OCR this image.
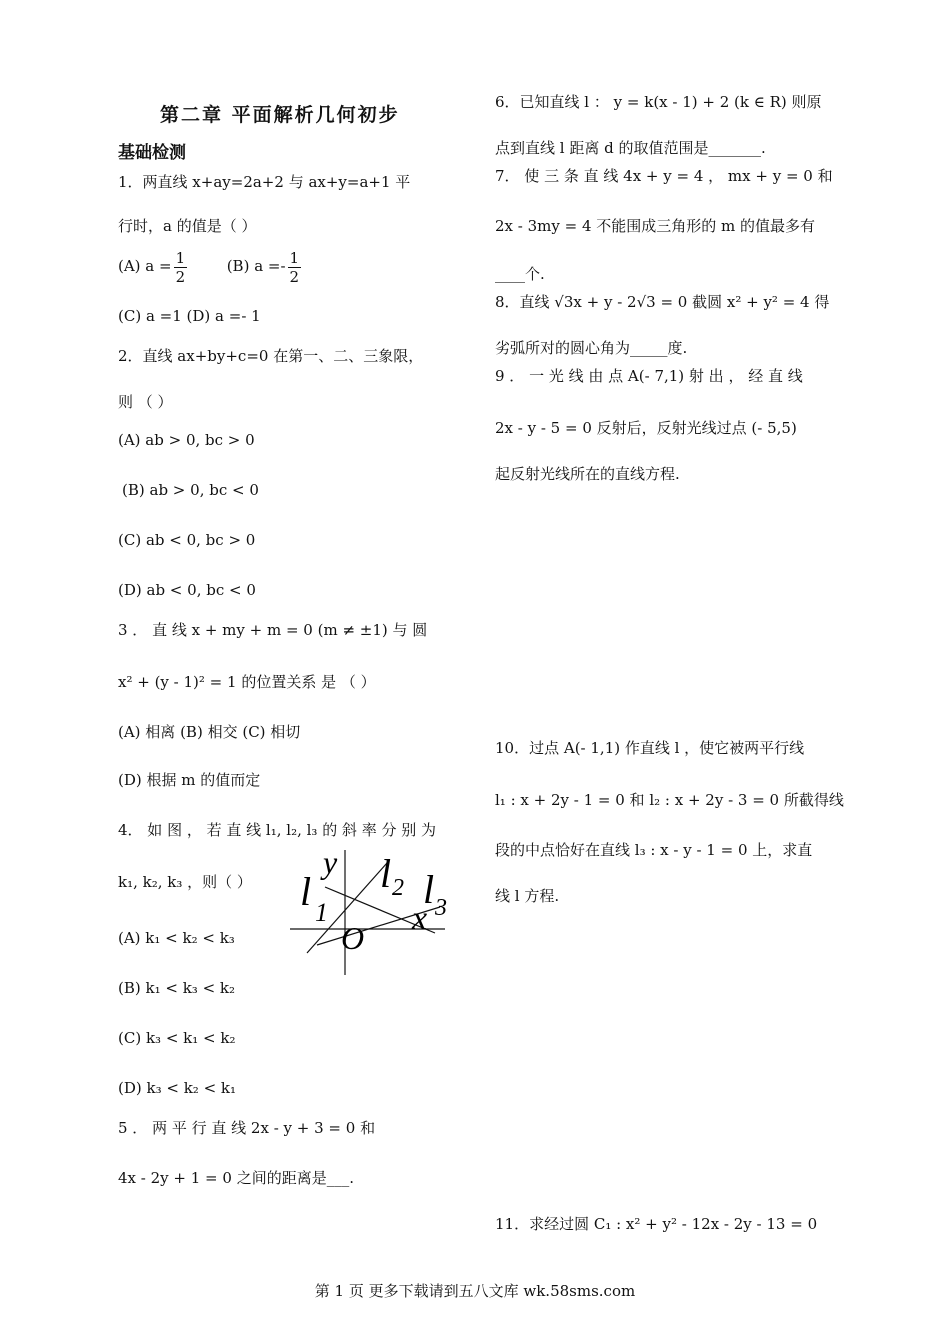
第二章 平面解析几何初步
基础检测
1．两直线 x+ay=2a+2 与 ax+y=a+1 平
行时，a 的值是（ ）
(A) $a = \frac{1}{2}$	(B) $a =- \frac{1}{2}$
(C) a =1 (D) a =- 1
2．直线 ax+by+c=0 在第一、二、三象限，
则 （ ）
(A) ab > 0, bc > 0
(B) ab > 0, bc < 0
(C) ab < 0, bc > 0
(D) ab < 0, bc < 0
3 ． 直 线 x + my + m = 0 (m ≠ ±1) 与 圆
x² + (y - 1)² = 1 的位置关系 是 （ ）
(A) 相离 (B) 相交 (C) 相切
(D) 根据 m 的值而定
4． 如 图 ， 若 直 线 l₁, l₂, l₃ 的 斜 率 分 别 为
k₁, k₂, k₃ ，则（ ）
(A) k₁ < k₂ < k₃
(B) k₁ < k₃ < k₂
(C) k₃ < k₁ < k₂
(D) k₃ < k₂ < k₁
l 1
y l 2 l 3
x
O
5 ． 两 平 行 直 线 2x - y + 3 = 0 和
4x - 2y + 1 = 0 之间的距离是___.
6．已知直线 l ： y = k(x - 1) + 2 (k ∈ R) 则原
点到直线 l 距离 d 的取值范围是_______.
7． 使 三 条 直 线 4x + y = 4 ， mx + y = 0 和
2x - 3my = 4 不能围成三角形的 m 的值最多有
____个.
8．直线 √3x + y - 2√3 = 0 截圆 x² + y² = 4 得
劣弧所对的圆心角为_____度.
9 ． 一 光 线 由 点 A(- 7,1) 射 出 ， 经 直 线
2x - y - 5 = 0 反射后，反射光线过点 (- 5,5)
起反射光线所在的直线方程.
10．过点 A(- 1,1) 作直线 l ，使它被两平行线
l₁ : x + 2y - 1 = 0 和 l₂ : x + 2y - 3 = 0 所截得线
段的中点恰好在直线 l₃ : x - y - 1 = 0 上，求直
线 l 方程.
11．求经过圆 C₁ : x² + y² - 12x - 2y - 13 = 0
第 1 页 更多下载请到五八文库 wk.58sms.com
